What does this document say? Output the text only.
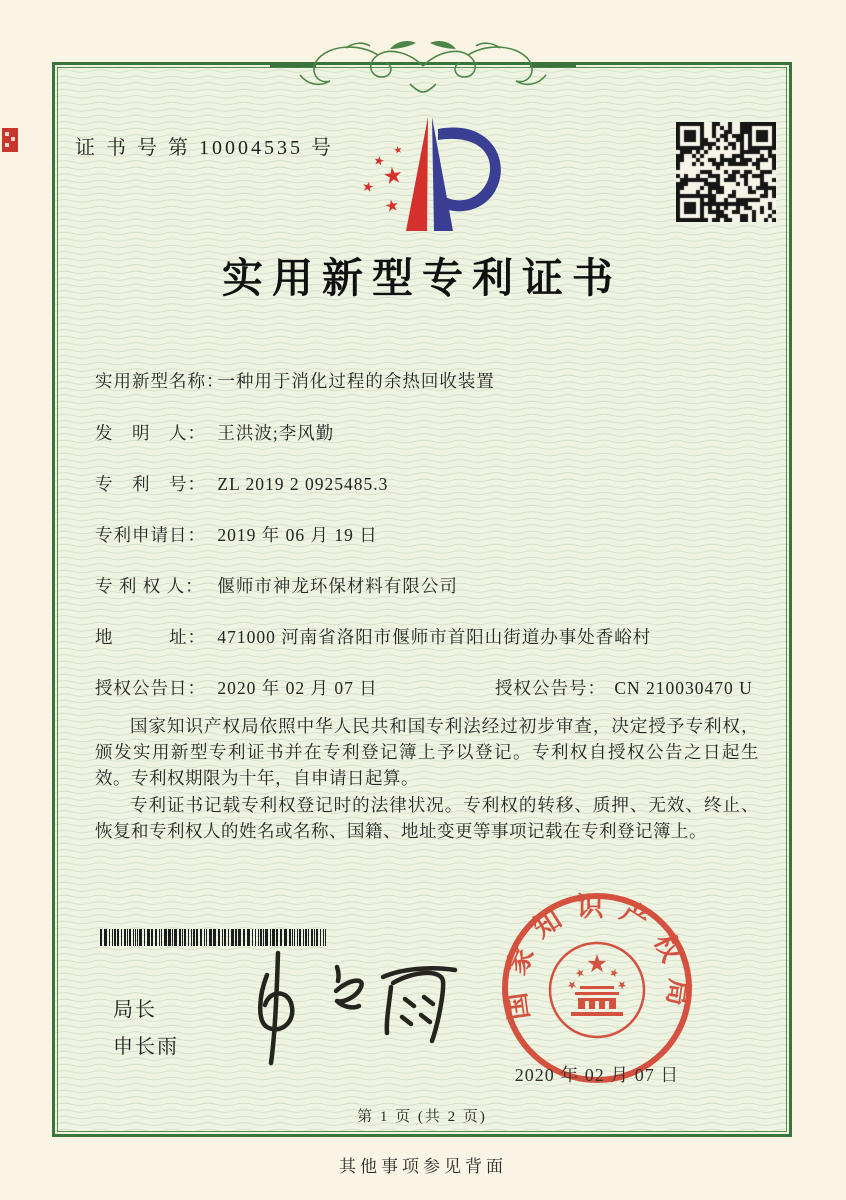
证 书 号 第 10004535 号
实用新型专利证书
实用新型名称： 一种用于消化过程的余热回收装置
发　明　人： 王洪波;李风勤
专　利　号： ZL 2019 2 0925485.3
专利申请日： 2019 年 06 月 19 日
专 利 权 人： 偃师市神龙环保材料有限公司
地　　　址： 471000 河南省洛阳市偃师市首阳山街道办事处香峪村
授权公告日： 2020 年 02 月 07 日	授权公告号： CN 210030470 U

国家知识产权局依照中华人民共和国专利法经过初步审查，决定授予专利权，颁发实用新型专利证书并在专利登记簿上予以登记。专利权自授权公告之日起生效。专利权期限为十年，自申请日起算。

专利证书记载专利权登记时的法律状况。专利权的转移、质押、无效、终止、恢复和专利权人的姓名或名称、国籍、地址变更等事项记载在专利登记簿上。

局长
申长雨
国家知识产权局
2020 年 02 月 07 日
第 1 页 (共 2 页)
其他事项参见背面
